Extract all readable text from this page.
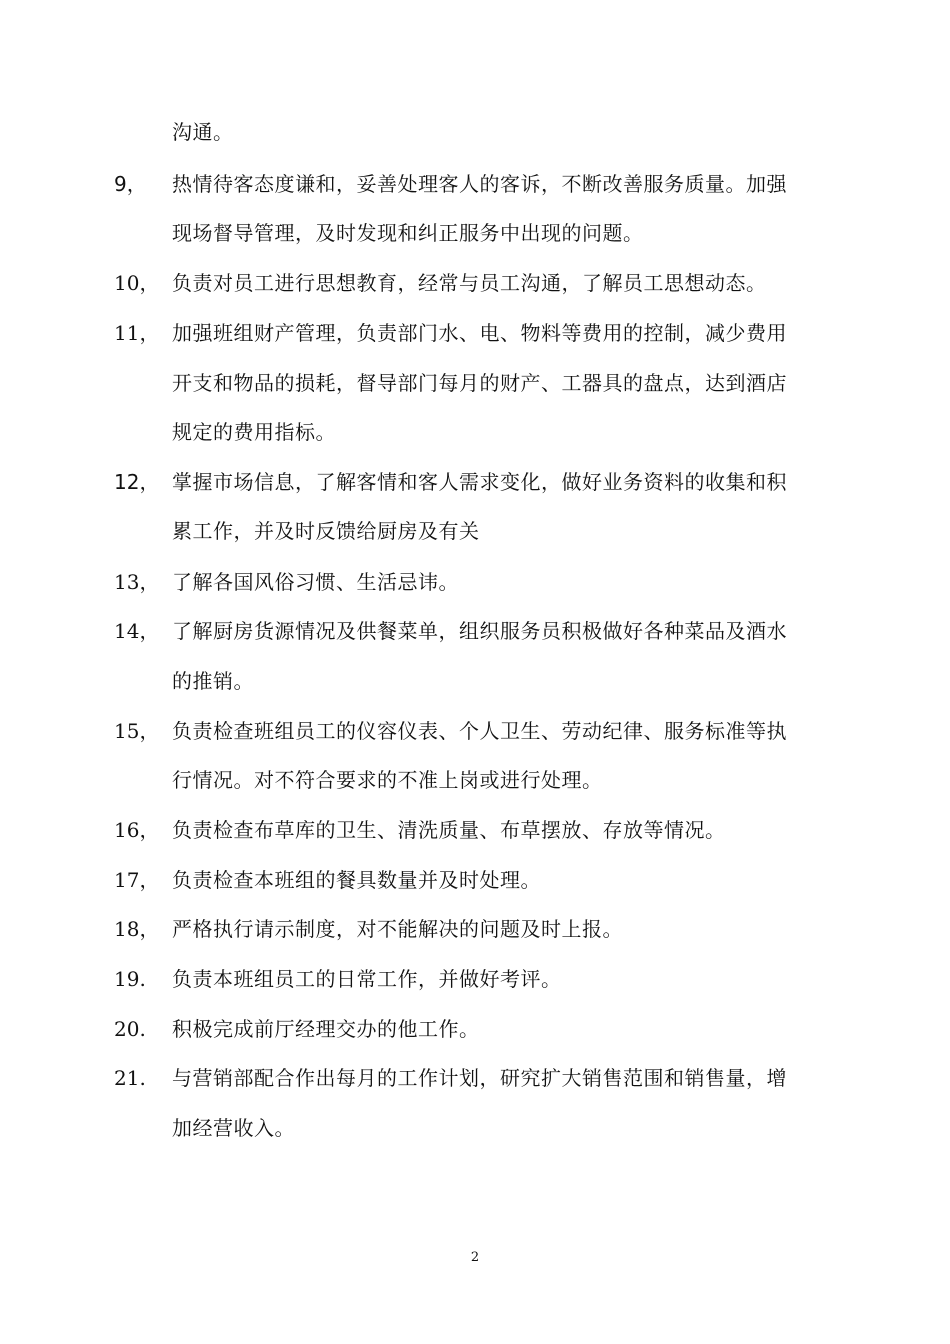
沟通。
9， 热情待客态度谦和，妥善处理客人的客诉，不断改善服务质量。加强
现场督导管理，及时发现和纠正服务中出现的问题。
10， 负责对员工进行思想教育，经常与员工沟通，了解员工思想动态。
11， 加强班组财产管理，负责部门水、电、物料等费用的控制，减少费用
开支和物品的损耗，督导部门每月的财产、工器具的盘点，达到酒店
规定的费用指标。
12， 掌握市场信息，了解客情和客人需求变化，做好业务资料的收集和积
累工作，并及时反馈给厨房及有关
13， 了解各国风俗习惯、生活忌讳。
14， 了解厨房货源情况及供餐菜单，组织服务员积极做好各种菜品及酒水
的推销。
15， 负责检查班组员工的仪容仪表、个人卫生、劳动纪律、服务标准等执
行情况。对不符合要求的不准上岗或进行处理。
16， 负责检查布草库的卫生、清洗质量、布草摆放、存放等情况。
17， 负责检查本班组的餐具数量并及时处理。
18， 严格执行请示制度，对不能解决的问题及时上报。
19. 负责本班组员工的日常工作，并做好考评。
20. 积极完成前厅经理交办的他工作。
21. 与营销部配合作出每月的工作计划，研究扩大销售范围和销售量，增
加经营收入。
2
